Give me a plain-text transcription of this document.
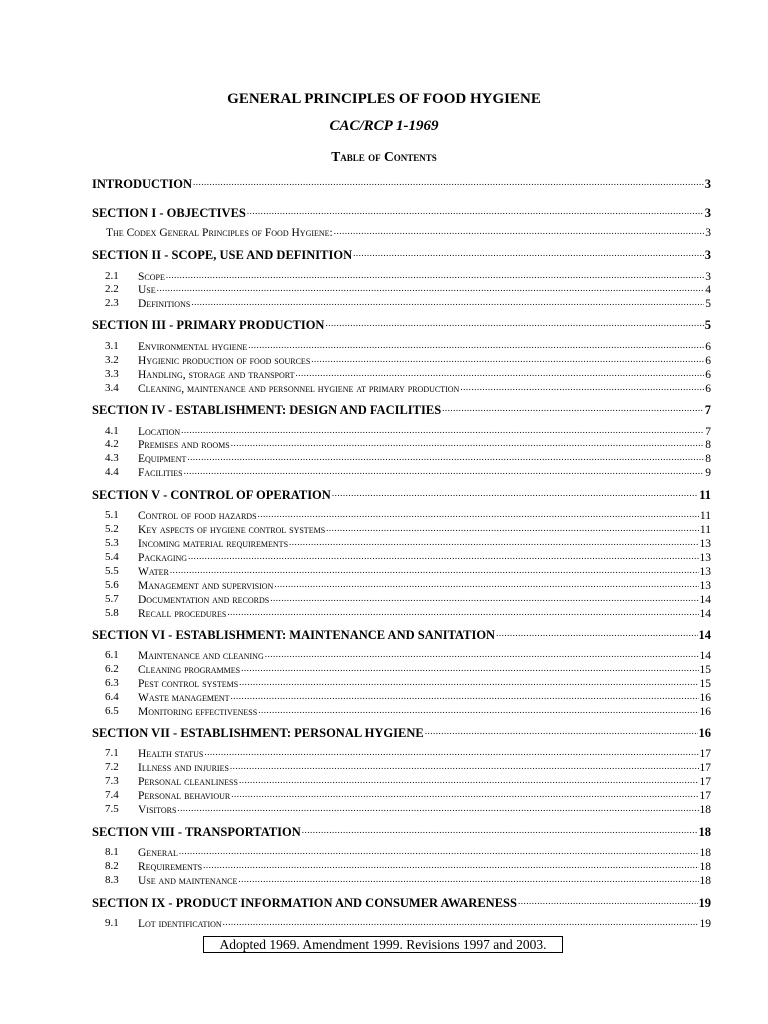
GENERAL PRINCIPLES OF FOOD HYGIENE
CAC/RCP 1-1969
Table of Contents
INTRODUCTION .....	3
SECTION I - OBJECTIVES .....	3
The Codex General Principles of Food Hygiene: .....	3
SECTION II - SCOPE, USE AND DEFINITION .....	3
2.1 Scope .....	3
2.2 Use .....	4
2.3 Definitions .....	5
SECTION III - PRIMARY PRODUCTION .....	5
3.1 Environmental hygiene .....	6
3.2 Hygienic production of food sources .....	6
3.3 Handling, storage and transport .....	6
3.4 Cleaning, maintenance and personnel hygiene at primary production .....	6
SECTION IV - ESTABLISHMENT: DESIGN AND FACILITIES .....	7
4.1 Location .....	7
4.2 Premises and rooms .....	8
4.3 Equipment .....	8
4.4 Facilities .....	9
SECTION V - CONTROL OF OPERATION .....	11
5.1 Control of food hazards .....	11
5.2 Key aspects of hygiene control systems .....	11
5.3 Incoming material requirements .....	13
5.4 Packaging .....	13
5.5 Water .....	13
5.6 Management and supervision .....	13
5.7 Documentation and records .....	14
5.8 Recall procedures .....	14
SECTION VI - ESTABLISHMENT: MAINTENANCE AND SANITATION .....	14
6.1 Maintenance and cleaning .....	14
6.2 Cleaning programmes .....	15
6.3 Pest control systems .....	15
6.4 Waste management .....	16
6.5 Monitoring effectiveness .....	16
SECTION VII - ESTABLISHMENT: PERSONAL HYGIENE .....	16
7.1 Health status .....	17
7.2 Illness and injuries .....	17
7.3 Personal cleanliness .....	17
7.4 Personal behaviour .....	17
7.5 Visitors .....	18
SECTION VIII - TRANSPORTATION .....	18
8.1 General .....	18
8.2 Requirements .....	18
8.3 Use and maintenance .....	18
SECTION IX - PRODUCT INFORMATION AND CONSUMER AWARENESS .....	19
9.1 Lot identification .....	19
Adopted 1969. Amendment 1999. Revisions 1997 and 2003.
